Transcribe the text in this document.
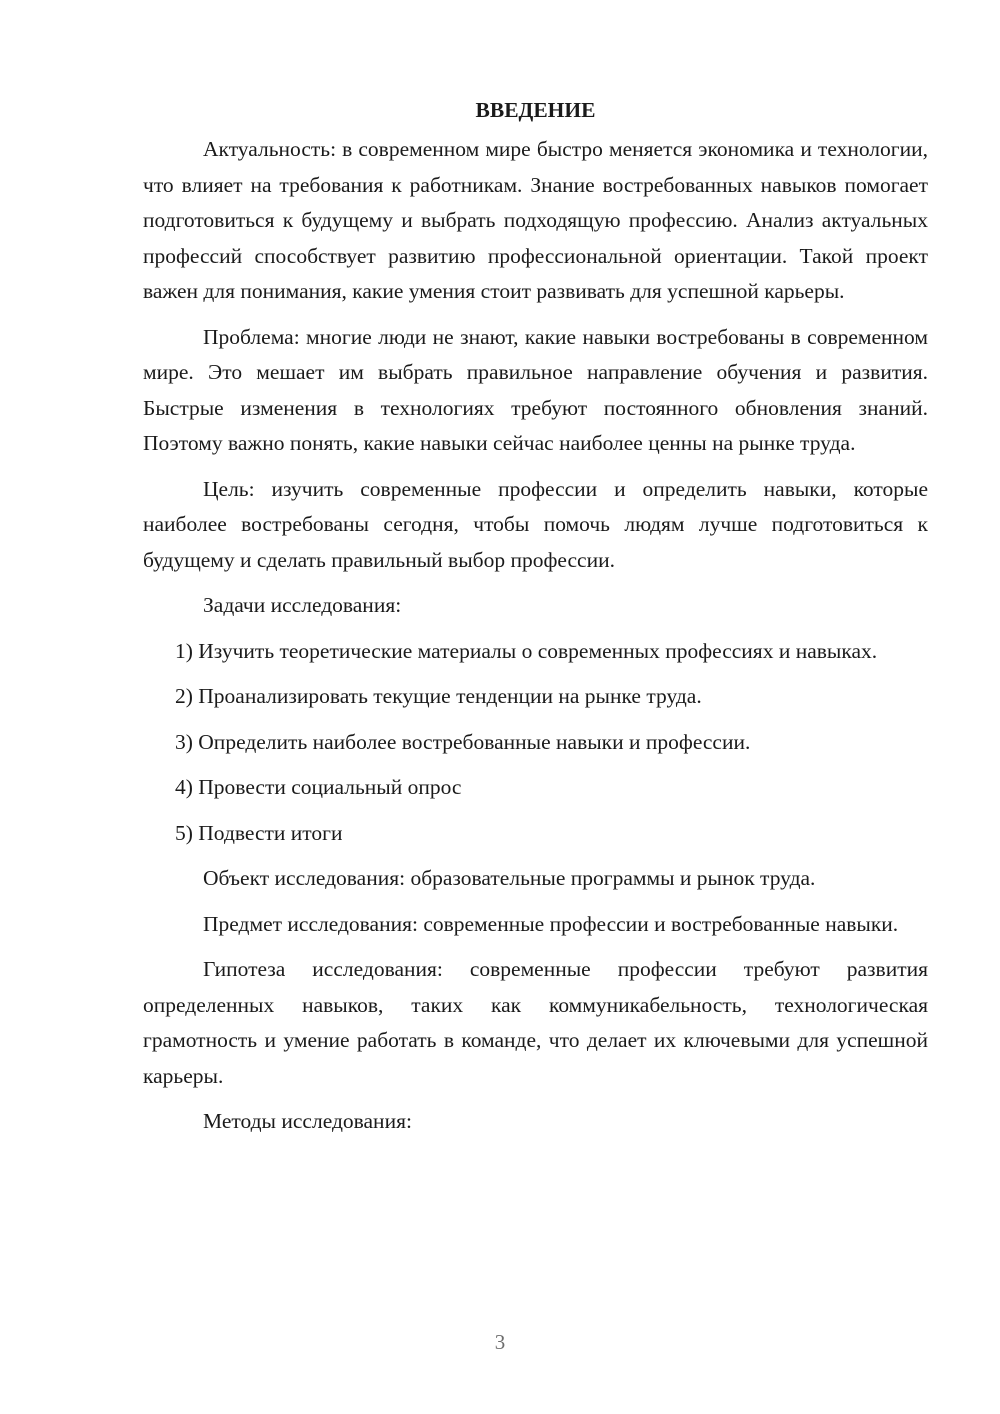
ВВЕДЕНИЕ

Актуальность: в современном мире быстро меняется экономика и технологии, что влияет на требования к работникам. Знание востребованных навыков помогает подготовиться к будущему и выбрать подходящую профессию. Анализ актуальных профессий способствует развитию профессиональной ориентации. Такой проект важен для понимания, какие умения стоит развивать для успешной карьеры.

Проблема: многие люди не знают, какие навыки востребованы в современном мире. Это мешает им выбрать правильное направление обучения и развития. Быстрые изменения в технологиях требуют постоянного обновления знаний. Поэтому важно понять, какие навыки сейчас наиболее ценны на рынке труда.

Цель: изучить современные профессии и определить навыки, которые наиболее востребованы сегодня, чтобы помочь людям лучше подготовиться к будущему и сделать правильный выбор профессии.

Задачи исследования:

1) Изучить теоретические материалы о современных профессиях и навыках.

2) Проанализировать текущие тенденции на рынке труда.

3) Определить наиболее востребованные навыки и профессии.

4) Провести социальный опрос

5) Подвести итоги

Объект исследования: образовательные программы и рынок труда.

Предмет исследования: современные профессии и востребованные навыки.

Гипотеза исследования: современные профессии требуют развития определенных навыков, таких как коммуникабельность, технологическая грамотность и умение работать в команде, что делает их ключевыми для успешной карьеры.

Методы исследования:

3
